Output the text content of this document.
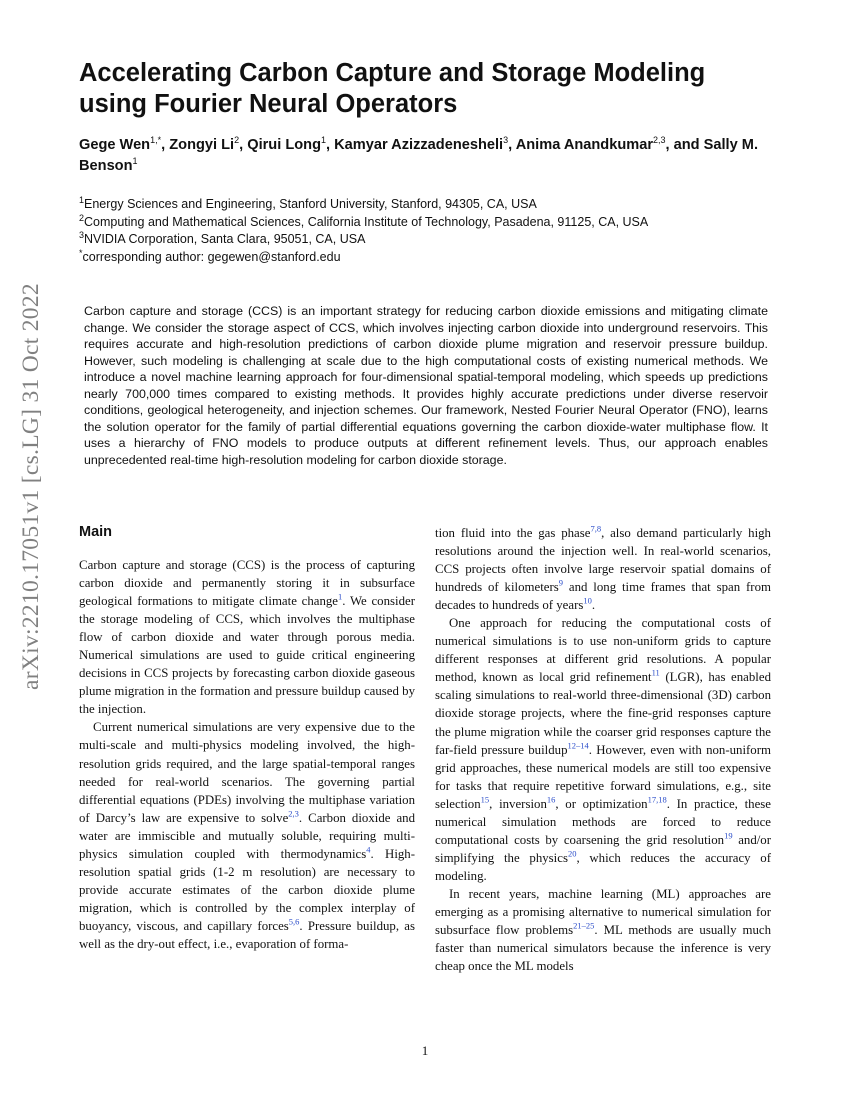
arXiv:2210.17051v1 [cs.LG] 31 Oct 2022
Accelerating Carbon Capture and Storage Modeling using Fourier Neural Operators
Gege Wen$^{1,*}$, Zongyi Li$^2$, Qirui Long$^1$, Kamyar Azizzadenesheli$^3$, Anima Anandkumar$^{2,3}$, and Sally M. Benson$^1$
$^1$Energy Sciences and Engineering, Stanford University, Stanford, 94305, CA, USA
$^2$Computing and Mathematical Sciences, California Institute of Technology, Pasadena, 91125, CA, USA
$^3$NVIDIA Corporation, Santa Clara, 95051, CA, USA
*corresponding author: gegewen@stanford.edu

Carbon capture and storage (CCS) is an important strategy for reducing carbon dioxide emissions and mitigating climate change. We consider the storage aspect of CCS, which involves injecting carbon dioxide into underground reservoirs. This requires accurate and high-resolution predictions of carbon dioxide plume migration and reservoir pressure buildup. However, such modeling is challenging at scale due to the high computational costs of existing numerical methods. We introduce a novel machine learning approach for four-dimensional spatial-temporal modeling, which speeds up predictions nearly 700,000 times compared to existing methods. It provides highly accurate predictions under diverse reservoir conditions, geological heterogeneity, and injection schemes. Our framework, Nested Fourier Neural Operator (FNO), learns the solution operator for the family of partial differential equations governing the carbon dioxide-water multiphase flow. It uses a hierarchy of FNO models to produce outputs at different refinement levels. Thus, our approach enables unprecedented real-time high-resolution modeling for carbon dioxide storage.

Main

Carbon capture and storage (CCS) is the process of capturing carbon dioxide and permanently storing it in subsurface geological formations to mitigate climate change$^1$. We consider the storage modeling of CCS, which involves the multiphase flow of carbon dioxide and water through porous media. Numerical simulations are used to guide critical engineering decisions in CCS projects by forecasting carbon dioxide gaseous plume migration in the formation and pressure buildup caused by the injection.

Current numerical simulations are very expensive due to the multi-scale and multi-physics modeling involved, the high-resolution grids required, and the large spatial-temporal ranges needed for real-world scenarios. The governing partial differential equations (PDEs) involving the multiphase variation of Darcy’s law are expensive to solve$^{2,3}$. Carbon dioxide and water are immiscible and mutually soluble, requiring multi-physics simulation coupled with thermodynamics$^4$. High-resolution spatial grids (1-2 m resolution) are necessary to provide accurate estimates of the carbon dioxide plume migration, which is controlled by the complex interplay of buoyancy, viscous, and capillary forces$^{5,6}$. Pressure buildup, as well as the dry-out effect, i.e., evaporation of forma-

tion fluid into the gas phase$^{7,8}$, also demand particularly high resolutions around the injection well. In real-world scenarios, CCS projects often involve large reservoir spatial domains of hundreds of kilometers$^9$ and long time frames that span from decades to hundreds of years$^{10}$.

One approach for reducing the computational costs of numerical simulations is to use non-uniform grids to capture different responses at different grid resolutions. A popular method, known as local grid refinement$^{11}$ (LGR), has enabled scaling simulations to real-world three-dimensional (3D) carbon dioxide storage projects, where the fine-grid responses capture the plume migration while the coarser grid responses capture the far-field pressure buildup$^{12-14}$. However, even with non-uniform grid approaches, these numerical models are still too expensive for tasks that require repetitive forward simulations, e.g., site selection$^{15}$, inversion$^{16}$, or optimization$^{17,18}$. In practice, these numerical simulation methods are forced to reduce computational costs by coarsening the grid resolution$^{19}$ and/or simplifying the physics$^{20}$, which reduces the accuracy of modeling.

In recent years, machine learning (ML) approaches are emerging as a promising alternative to numerical simulation for subsurface flow problems$^{21-25}$. ML methods are usually much faster than numerical simulators because the inference is very cheap once the ML models

1
